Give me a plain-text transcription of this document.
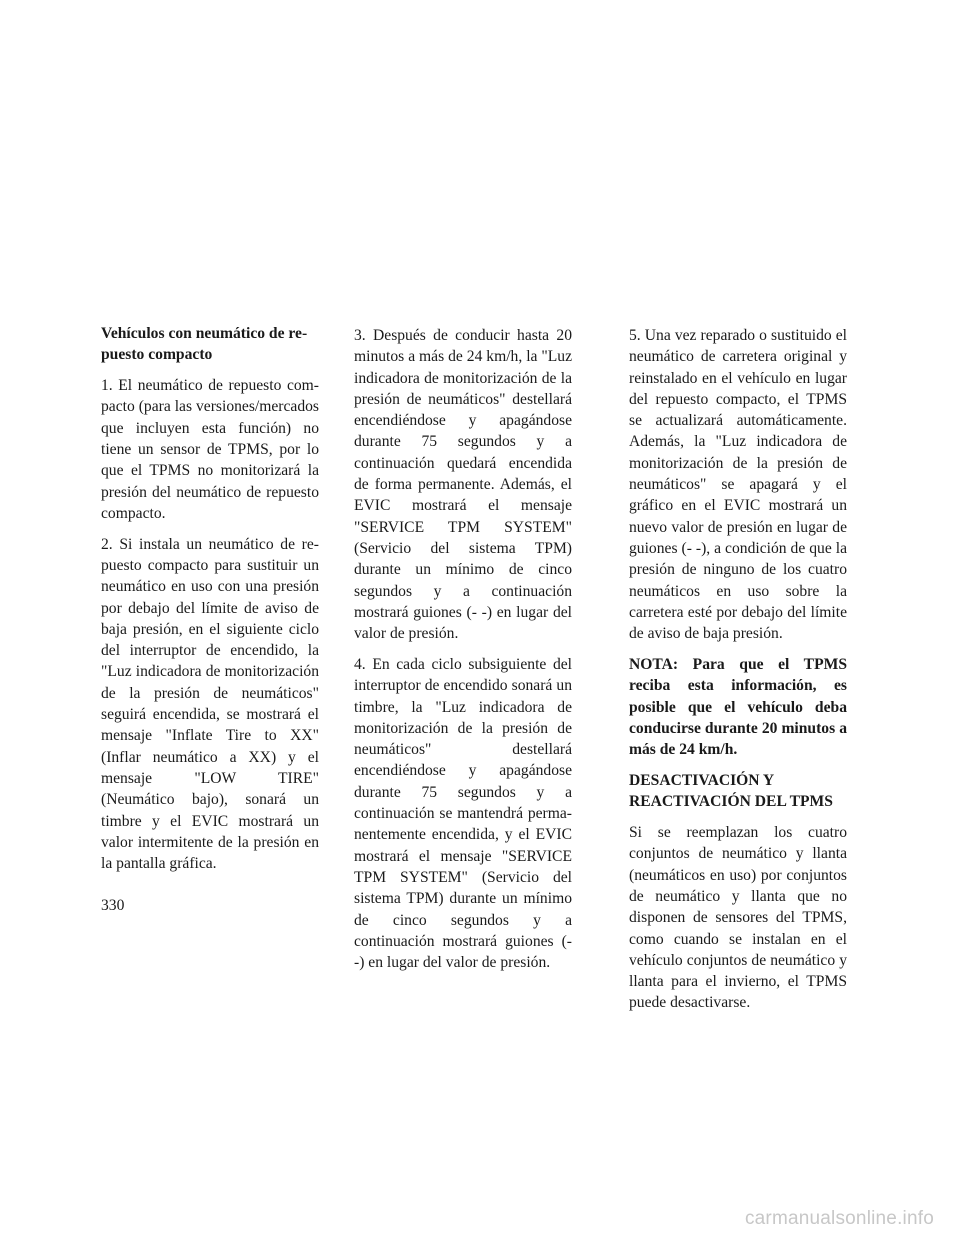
Vehículos con neumático de repuesto compacto

1. El neumático de repuesto compacto (para las versiones/mercados que incluyen esta función) no tiene un sensor de TPMS, por lo que el TPMS no monitorizará la presión del neumático de repuesto compacto.

2. Si instala un neumático de repuesto compacto para sustituir un neumático en uso con una presión por debajo del límite de aviso de baja presión, en el siguiente ciclo del interruptor de encendido, la "Luz indicadora de monitorización de la presión de neumáticos" seguirá encendida, se mostrará el mensaje "Inflate Tire to XX" (Inflar neumático a XX) y el mensaje "LOW TIRE" (Neumático bajo), sonará un timbre y el EVIC mostrará un valor intermitente de la presión en la pantalla gráfica.

3. Después de conducir hasta 20 minutos a más de 24 km/h, la "Luz indicadora de monitorización de la presión de neumáticos" destellará encendiéndose y apagándose durante 75 segundos y a continuación quedará encendida de forma permanente. Además, el EVIC mostrará el mensaje "SERVICE TPM SYSTEM" (Servicio del sistema TPM) durante un mínimo de cinco segundos y a continuación mostrará guiones (- -) en lugar del valor de presión.

4. En cada ciclo subsiguiente del interruptor de encendido sonará un timbre, la "Luz indicadora de monitorización de la presión de neumáticos" destellará encendiéndose y apagándose durante 75 segundos y a continuación se mantendrá permanentemente encendida, y el EVIC mostrará el mensaje "SERVICE TPM SYSTEM" (Servicio del sistema TPM) durante un mínimo de cinco segundos y a continuación mostrará guiones (- -) en lugar del valor de presión.

5. Una vez reparado o sustituido el neumático de carretera original y reinstalado en el vehículo en lugar del repuesto compacto, el TPMS se actualizará automáticamente. Además, la "Luz indicadora de monitorización de la presión de neumáticos" se apagará y el gráfico en el EVIC mostrará un nuevo valor de presión en lugar de guiones (- -), a condición de que la presión de ninguno de los cuatro neumáticos en uso sobre la carretera esté por debajo del límite de aviso de baja presión.

NOTA: Para que el TPMS reciba esta información, es posible que el vehículo deba conducirse durante 20 minutos a más de 24 km/h.

DESACTIVACIÓN Y
REACTIVACIÓN DEL TPMS

Si se reemplazan los cuatro conjuntos de neumático y llanta (neumáticos en uso) por conjuntos de neumático y llanta que no disponen de sensores del TPMS, como cuando se instalan en el vehículo conjuntos de neumático y llanta para el invierno, el TPMS puede desactivarse.

330
carmanualsonline.info
